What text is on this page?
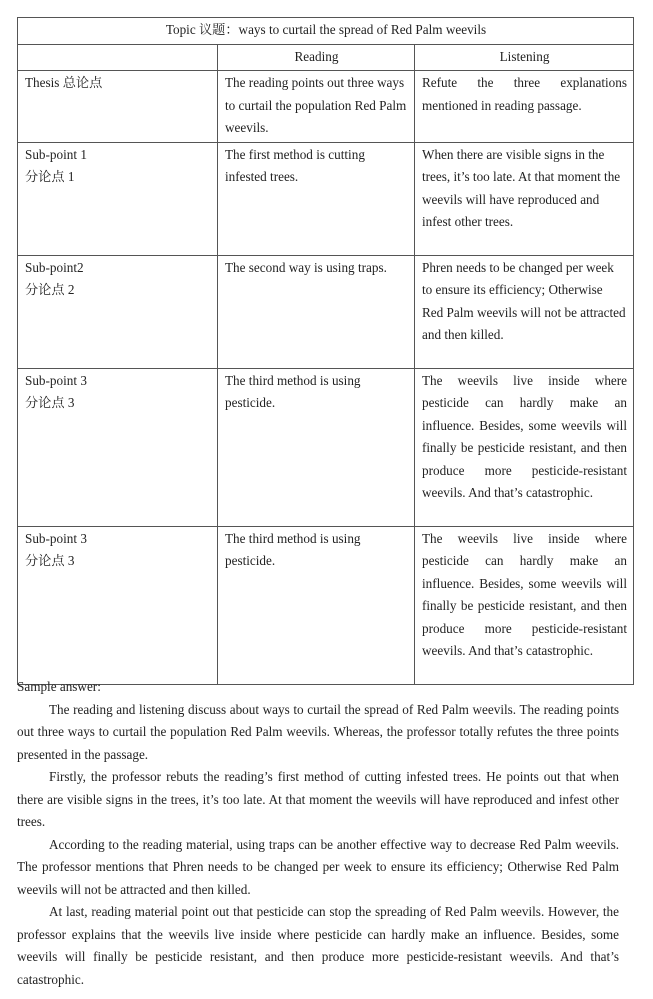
Topic 议题：ways to curtail the spread of Red Palm weevils		
	Reading	Listening

Thesis 总论点	The reading points out three ways to curtail the population Red Palm weevils.	Refute the three explanations mentioned in reading passage.

Sub-point 1
分论点 1	The first method is cutting infested trees.	When there are visible signs in the trees, it’s too late. At that moment the weevils will have reproduced and infest other trees.

Sub-point2
分论点 2	The second way is using traps.	Phren needs to be changed per week to ensure its efficiency; Otherwise Red Palm weevils will not be attracted and then killed.

Sub-point 3
分论点 3	The third method is using pesticide.	The weevils live inside where pesticide can hardly make an influence. Besides, some weevils will finally be pesticide resistant, and then produce more pesticide-resistant weevils. And that’s catastrophic.

Sub-point 3
分论点 3	The third method is using pesticide.	The weevils live inside where pesticide can hardly make an influence. Besides, some weevils will finally be pesticide resistant, and then produce more pesticide-resistant weevils. And that’s catastrophic.

Sample answer:

The reading and listening discuss about ways to curtail the spread of Red Palm weevils. The reading points out three ways to curtail the population Red Palm weevils. Whereas, the professor totally refutes the three points presented in the passage.

Firstly, the professor rebuts the reading’s first method of cutting infested trees. He points out that when there are visible signs in the trees, it’s too late. At that moment the weevils will have reproduced and infest other trees.

According to the reading material, using traps can be another effective way to decrease Red Palm weevils. The professor mentions that Phren needs to be changed per week to ensure its efficiency; Otherwise Red Palm weevils will not be attracted and then killed.

At last, reading material point out that pesticide can stop the spreading of Red Palm weevils. However, the professor explains that the weevils live inside where pesticide can hardly make an influence. Besides, some weevils will finally be pesticide resistant, and then produce more pesticide-resistant weevils. And that’s catastrophic.
